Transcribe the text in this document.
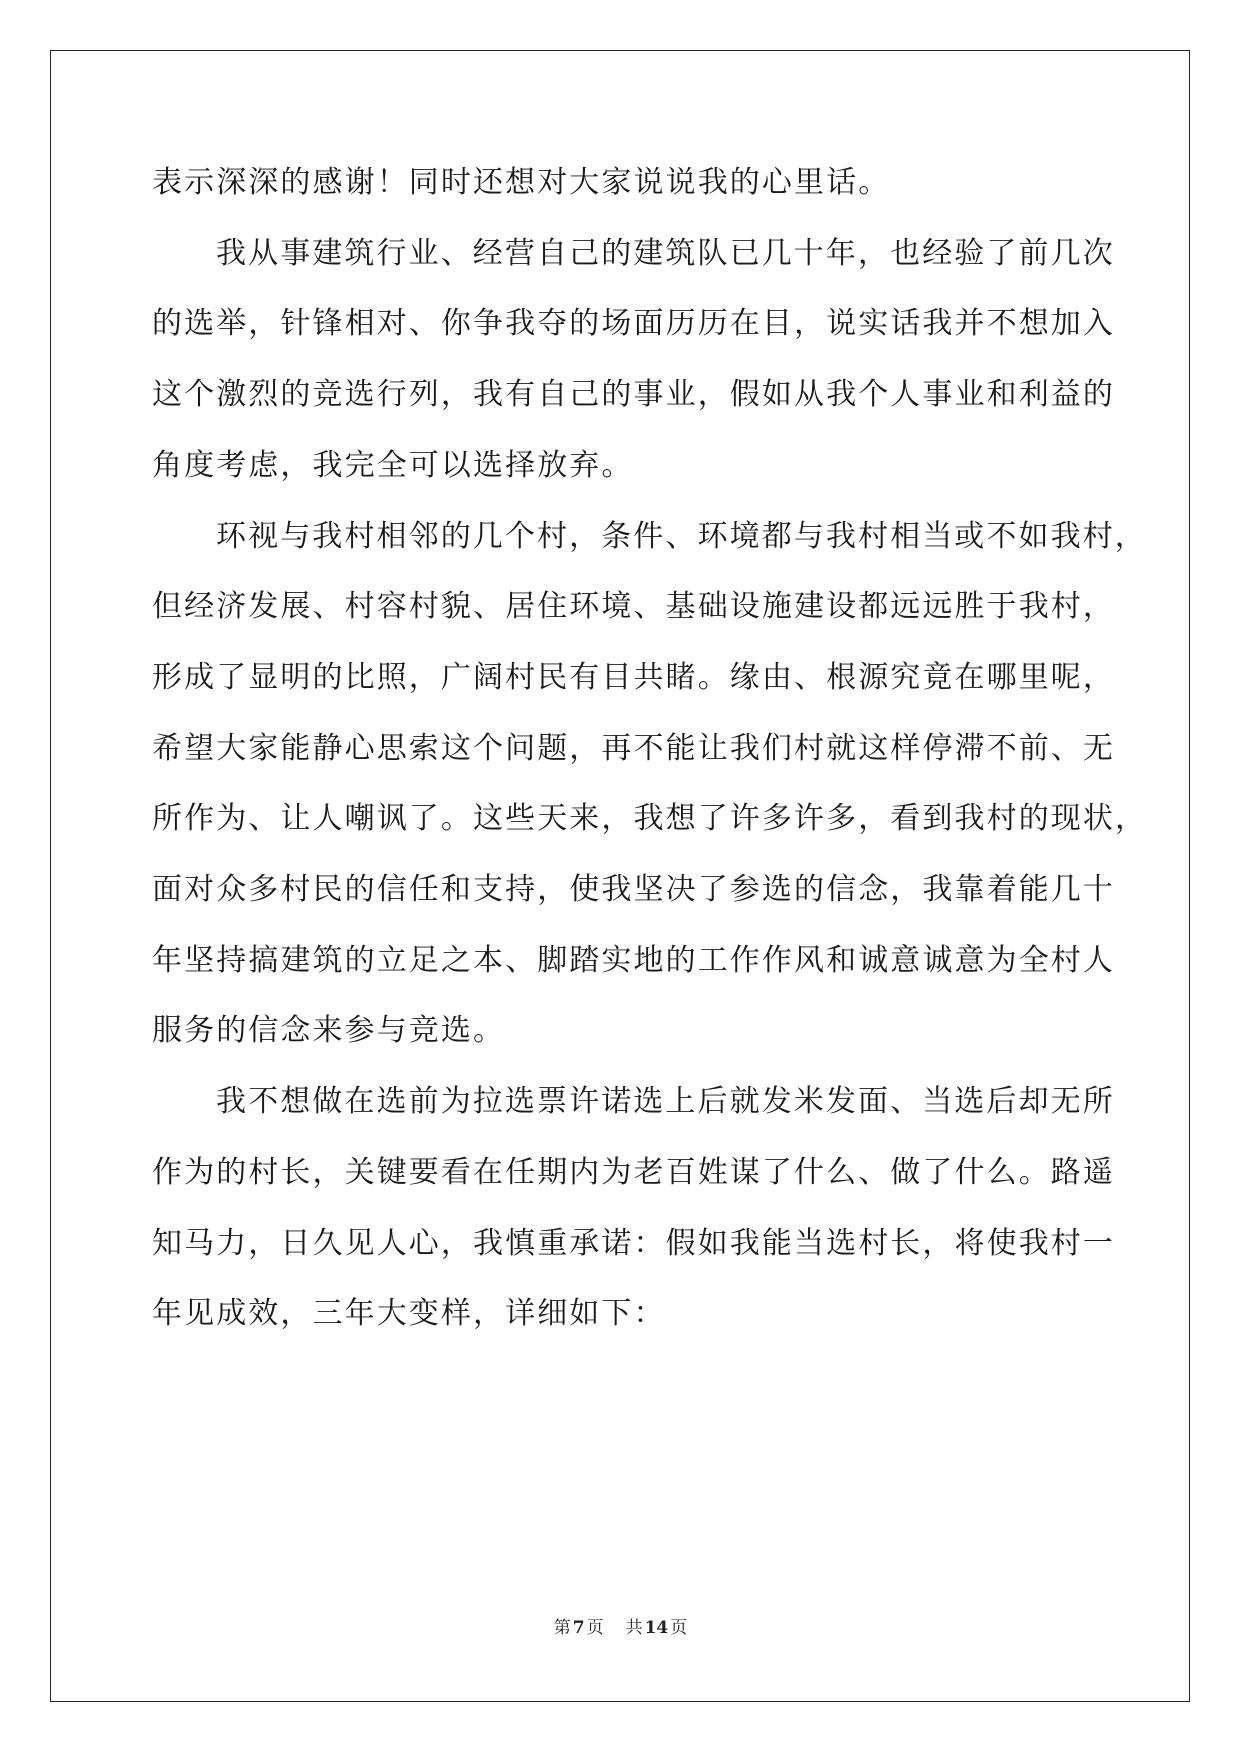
表示深深的感谢！同时还想对大家说说我的心里话。
我从事建筑行业、经营自己的建筑队已几十年，也经验了前几次
的选举，针锋相对、你争我夺的场面历历在目，说实话我并不想加入
这个激烈的竞选行列，我有自己的事业，假如从我个人事业和利益的
角度考虑，我完全可以选择放弃。
环视与我村相邻的几个村，条件、环境都与我村相当或不如我村，
但经济发展、村容村貌、居住环境、基础设施建设都远远胜于我村，
形成了显明的比照，广阔村民有目共睹。缘由、根源究竟在哪里呢，
希望大家能静心思索这个问题，再不能让我们村就这样停滞不前、无
所作为、让人嘲讽了。这些天来，我想了许多许多，看到我村的现状，
面对众多村民的信任和支持，使我坚决了参选的信念，我靠着能几十
年坚持搞建筑的立足之本、脚踏实地的工作作风和诚意诚意为全村人
服务的信念来参与竞选。
我不想做在选前为拉选票许诺选上后就发米发面、当选后却无所
作为的村长，关键要看在任期内为老百姓谋了什么、做了什么。路遥
知马力，日久见人心，我慎重承诺：假如我能当选村长，将使我村一
年见成效，三年大变样，详细如下：
第 7 页 共 14 页
